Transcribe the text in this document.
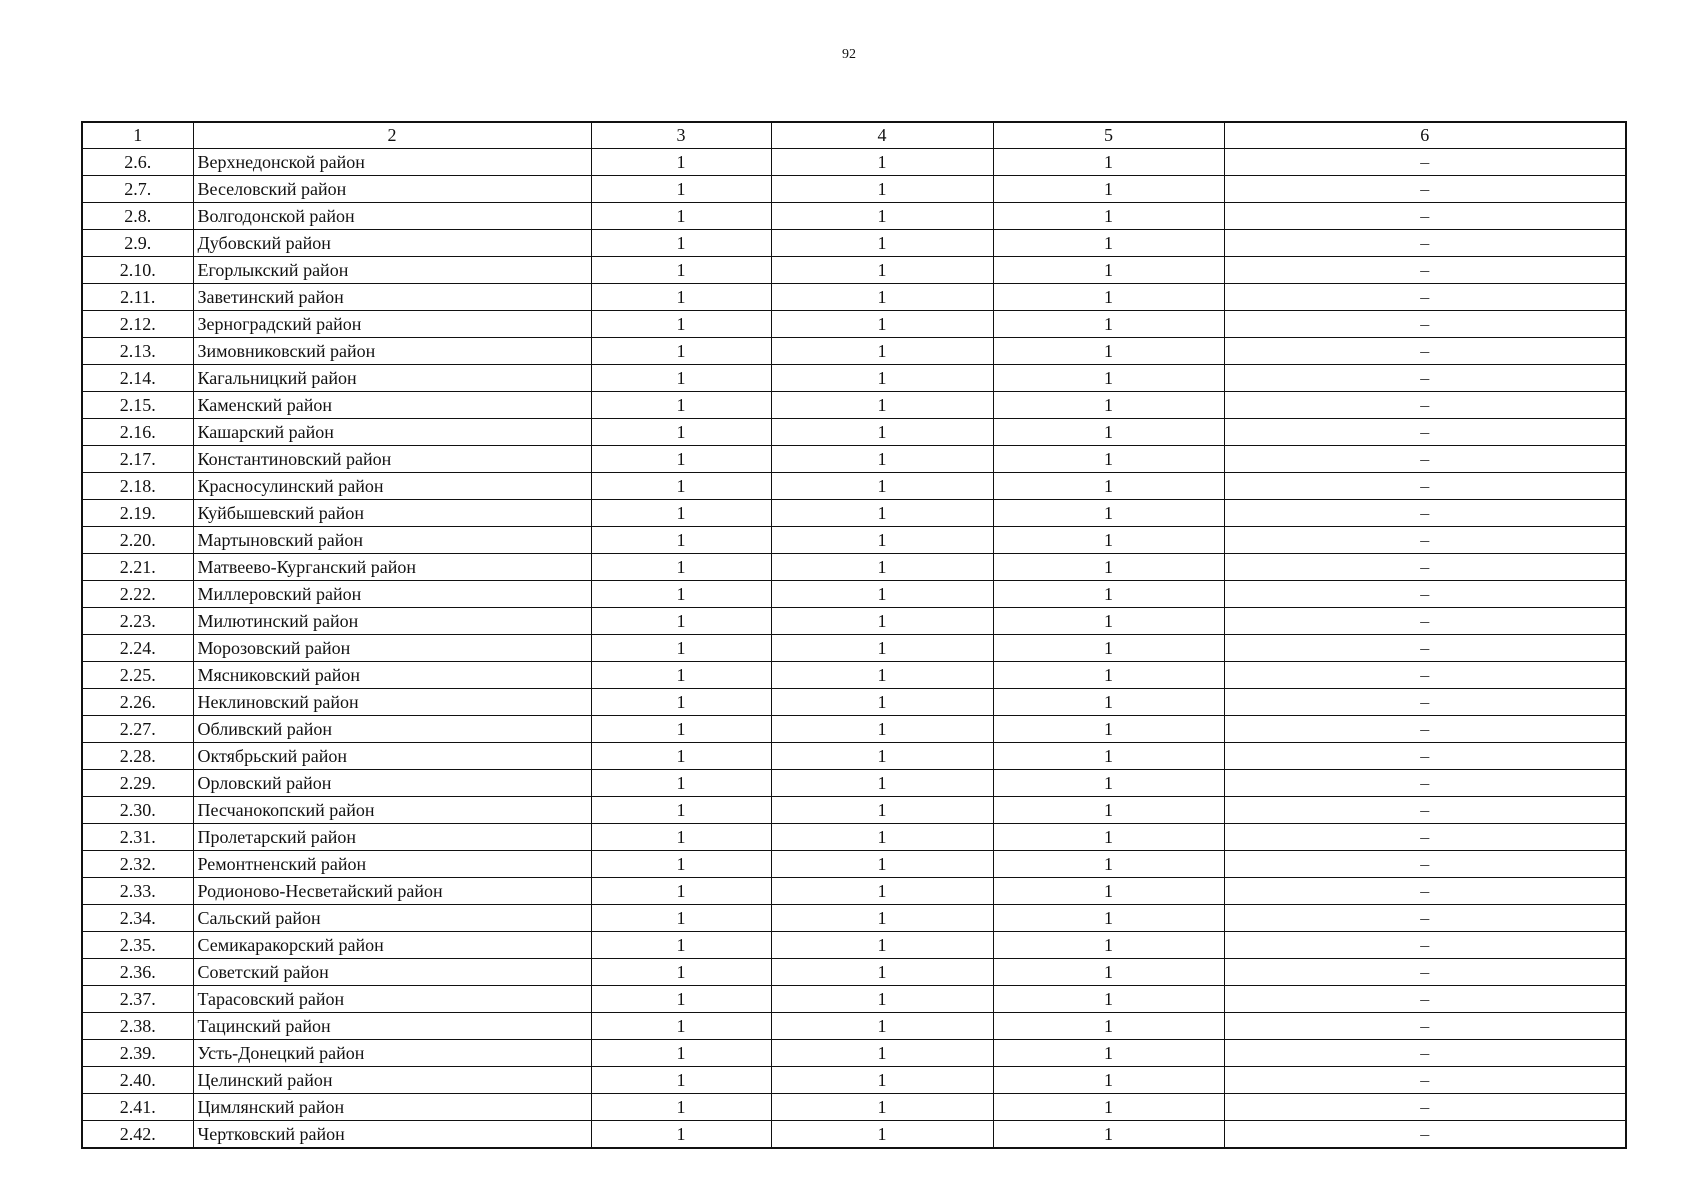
92
1	2	3	4	5	6
2.6.	Верхнедонской район	1	1	1	–
2.7.	Веселовский район	1	1	1	–
2.8.	Волгодонской район	1	1	1	–
2.9.	Дубовский район	1	1	1	–
2.10.	Егорлыкский район	1	1	1	–
2.11.	Заветинский район	1	1	1	–
2.12.	Зерноградский район	1	1	1	–
2.13.	Зимовниковский район	1	1	1	–
2.14.	Кагальницкий район	1	1	1	–
2.15.	Каменский район	1	1	1	–
2.16.	Кашарский район	1	1	1	–
2.17.	Константиновский район	1	1	1	–
2.18.	Красносулинский район	1	1	1	–
2.19.	Куйбышевский район	1	1	1	–
2.20.	Мартыновский район	1	1	1	–
2.21.	Матвеево-Курганский район	1	1	1	–
2.22.	Миллеровский район	1	1	1	–
2.23.	Милютинский район	1	1	1	–
2.24.	Морозовский район	1	1	1	–
2.25.	Мясниковский район	1	1	1	–
2.26.	Неклиновский район	1	1	1	–
2.27.	Обливский район	1	1	1	–
2.28.	Октябрьский район	1	1	1	–
2.29.	Орловский район	1	1	1	–
2.30.	Песчанокопский район	1	1	1	–
2.31.	Пролетарский район	1	1	1	–
2.32.	Ремонтненский район	1	1	1	–
2.33.	Родионово-Несветайский район	1	1	1	–
2.34.	Сальский район	1	1	1	–
2.35.	Семикаракорский район	1	1	1	–
2.36.	Советский район	1	1	1	–
2.37.	Тарасовский район	1	1	1	–
2.38.	Тацинский район	1	1	1	–
2.39.	Усть-Донецкий район	1	1	1	–
2.40.	Целинский район	1	1	1	–
2.41.	Цимлянский район	1	1	1	–
2.42.	Чертковский район	1	1	1	–
